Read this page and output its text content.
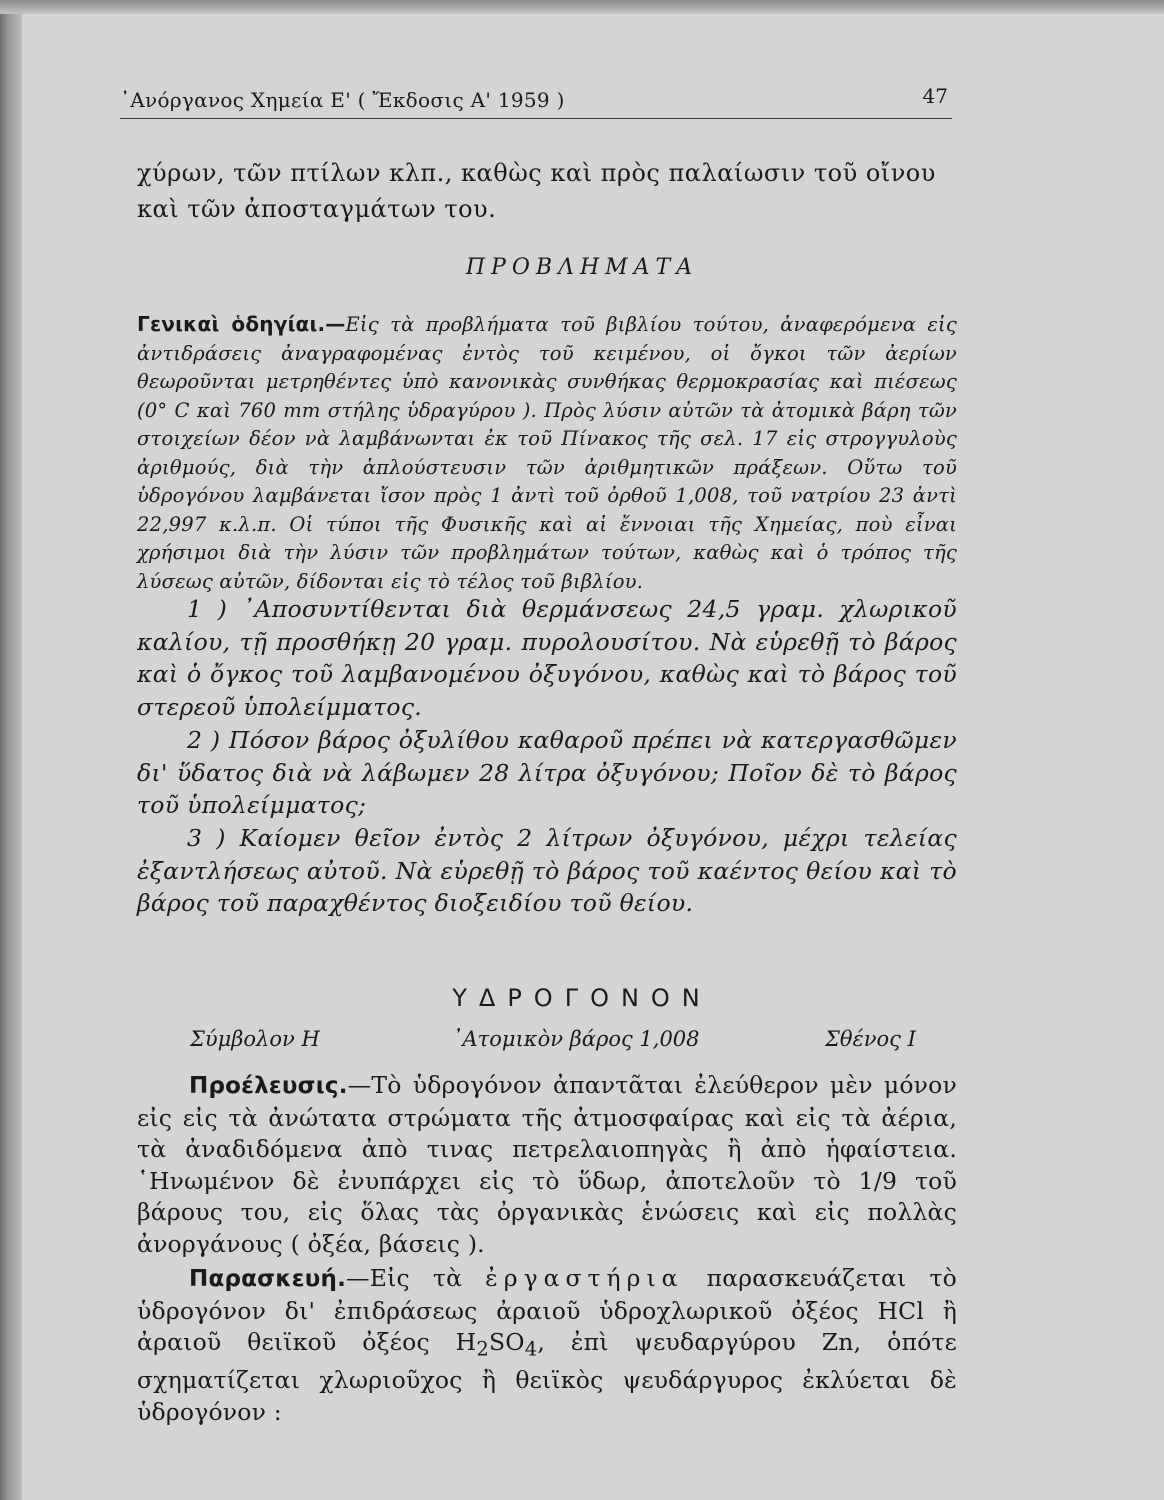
᾿Ανόργανος Χημεία Ε' ( Ἔκδοσις Α' 1959 )	47

χύρων, τῶν πτίλων κλπ., καθὼς καὶ πρὸς παλαίωσιν τοῦ οἴνου καὶ τῶν ἀποσταγμάτων του.

ΠΡΟΒΛΗΜΑΤΑ

Γενικαὶ ὁδηγίαι.—Εἰς τὰ προβλήματα τοῦ βιβλίου τούτου, ἀναφερόμενα εἰς ἀντιδράσεις ἀναγραφομένας ἐντὸς τοῦ κειμένου, οἱ ὄγκοι τῶν ἀερίων θεωροῦνται μετρηθέντες ὑπὸ κανονικὰς συνθήκας θερμοκρασίας καὶ πιέσεως (0° C καὶ 760 mm στήλης ὑδραγύρου ). Πρὸς λύσιν αὐτῶν τὰ ἀτομικὰ βάρη τῶν στοιχείων δέον νὰ λαμβάνωνται ἐκ τοῦ Πίνακος τῆς σελ. 17 εἰς στρογγυλοὺς ἀριθμούς, διὰ τὴν ἁπλούστευσιν τῶν ἀριθμητικῶν πράξεων. Οὕτω τοῦ ὑδρογόνου λαμβάνεται ἴσον πρὸς 1 ἀντὶ τοῦ ὀρθοῦ 1,008, τοῦ νατρίου 23 ἀντὶ 22,997 κ.λ.π. Οἱ τύποι τῆς Φυσικῆς καὶ αἱ ἔννοιαι τῆς Χημείας, ποὺ εἶναι χρήσιμοι διὰ τὴν λύσιν τῶν προβλημάτων τούτων, καθὼς καὶ ὁ τρόπος τῆς λύσεως αὐτῶν, δίδονται εἰς τὸ τέλος τοῦ βιβλίου.

1 ) ᾿Αποσυντίθενται διὰ θερμάνσεως 24,5 γραμ. χλωρικοῦ καλίου, τῇ προσθήκῃ 20 γραμ. πυρολουσίτου. Νὰ εὑρεθῇ τὸ βάρος καὶ ὁ ὄγκος τοῦ λαμβανομένου ὀξυγόνου, καθὼς καὶ τὸ βάρος τοῦ στερεοῦ ὑπολείμματος.

2 ) Πόσον βάρος ὀξυλίθου καθαροῦ πρέπει νὰ κατεργασθῶμεν δι' ὕδατος διὰ νὰ λάβωμεν 28 λίτρα ὀξυγόνου; Ποῖον δὲ τὸ βάρος τοῦ ὑπολείμματος;

3 ) Καίομεν θεῖον ἐντὸς 2 λίτρων ὀξυγόνου, μέχρι τελείας ἐξαντλήσεως αὐτοῦ. Νὰ εὑρεθῇ τὸ βάρος τοῦ καέντος θείου καὶ τὸ βάρος τοῦ παραχθέντος διοξειδίου τοῦ θείου.

ΥΔΡΟΓΟΝΟΝ
Σύμβολον H	᾿Ατομικὸν βάρος 1,008	Σθένος I

Προέλευσις.—Τὸ ὑδρογόνον ἀπαντᾶται ἐλεύθερον μὲν μόνον εἰς εἰς τὰ ἀνώτατα στρώματα τῆς ἀτμοσφαίρας καὶ εἰς τὰ ἀέρια, τὰ ἀναδιδόμενα ἀπὸ τινας πετρελαιοπηγὰς ἢ ἀπὸ ἡφαίστεια. ῾Ηνωμένον δὲ ἐνυπάρχει εἰς τὸ ὕδωρ, ἀποτελοῦν τὸ 1/9 τοῦ βάρους του, εἰς ὅλας τὰς ὀργανικὰς ἑνώσεις καὶ εἰς πολλὰς ἀνοργάνους ( ὀξέα, βάσεις ).

Παρασκευή.—Εἰς τὰ ἐργαστήρια παρασκευάζεται τὸ ὑδρογόνον δι' ἐπιδράσεως ἀραιοῦ ὑδροχλωρικοῦ ὀξέος HCl ἢ ἀραιοῦ θειϊκοῦ ὀξέος $H_2SO_4$, ἐπὶ ψευδαργύρου Zn, ὁπότε σχηματίζεται χλωριοῦχος ἢ θειϊκὸς ψευδάργυρος ἐκλύεται δὲ ὑδρογόνον :
